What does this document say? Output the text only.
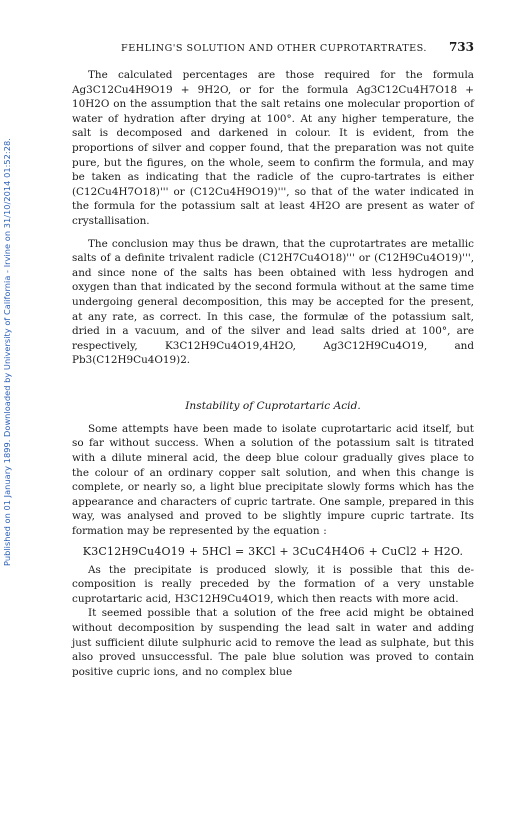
Published on 01 January 1899. Downloaded by University of California - Irvine on 31/10/2014 01:52:28.
FEHLING'S SOLUTION AND OTHER CUPROTARTRATES. 733

The calculated percentages are those required for the formula Ag3C12Cu4H9O19 + 9H2O, or for the formula Ag3C12Cu4H7O18 + 10H2O on the assumption that the salt retains one molecular proportion of water of hydration after drying at 100°. At any higher temperature, the salt is decomposed and darkened in colour. It is evident, from the proportions of silver and copper found, that the preparation was not quite pure, but the figures, on the whole, seem to confirm the formula, and may be taken as indicating that the radicle of the cupro-tartrates is either (C12Cu4H7O18)''' or (C12Cu4H9O19)''', so that of the water indicated in the formula for the potassium salt at least 4H2O are present as water of crystallisation.

The conclusion may thus be drawn, that the cuprotartrates are metallic salts of a definite trivalent radicle (C12H7Cu4O18)''' or (C12H9Cu4O19)''', and since none of the salts has been obtained with less hydrogen and oxygen than that indicated by the second formula without at the same time undergoing general decomposition, this may be accepted for the present, at any rate, as correct. In this case, the formulæ of the potassium salt, dried in a vacuum, and of the silver and lead salts dried at 100°, are respectively, K3C12H9Cu4O19,4H2O, Ag3C12H9Cu4O19, and Pb3(C12H9Cu4O19)2.

Instability of Cuprotartaric Acid.

Some attempts have been made to isolate cuprotartaric acid itself, but so far without success. When a solution of the potassium salt is titrated with a dilute mineral acid, the deep blue colour gradually gives place to the colour of an ordinary copper salt solution, and when this change is complete, or nearly so, a light blue precipitate slowly forms which has the appearance and characters of cupric tartrate. One sample, prepared in this way, was analysed and proved to be slightly impure cupric tartrate. Its formation may be represented by the equation :

K3C12H9Cu4O19 + 5HCl = 3KCl + 3CuC4H4O6 + CuCl2 + H2O.

As the precipitate is produced slowly, it is possible that this de-composition is really preceded by the formation of a very unstable cuprotartaric acid, H3C12H9Cu4O19, which then reacts with more acid.

It seemed possible that a solution of the free acid might be obtained without decomposition by suspending the lead salt in water and adding just sufficient dilute sulphuric acid to remove the lead as sulphate, but this also proved unsuccessful. The pale blue solution was proved to contain positive cupric ions, and no complex blue
